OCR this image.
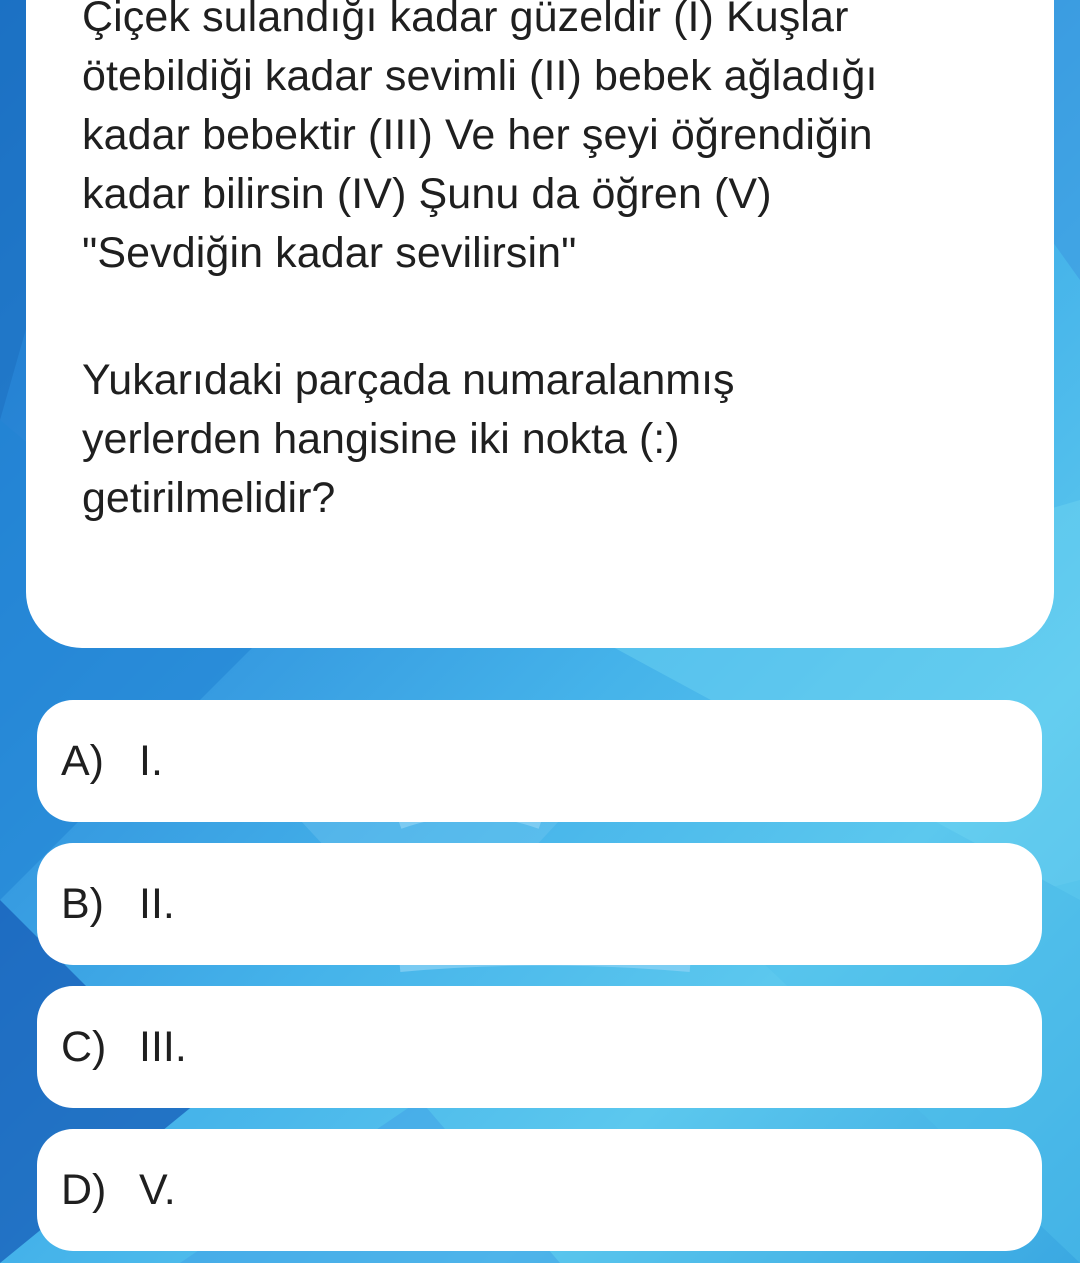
Çiçek sulandığı kadar güzeldir (I) Kuşlar
ötebildiği kadar sevimli (II) bebek ağladığı
kadar bebektir (III) Ve her şeyi öğrendiğin
kadar bilirsin (IV) Şunu da öğren (V)
"Sevdiğin kadar sevilirsin"

Yukarıdaki parçada numaralanmış
yerlerden hangisine iki nokta (:)
getirilmelidir?

A) I.
B) II.
C) III.
D) V.
